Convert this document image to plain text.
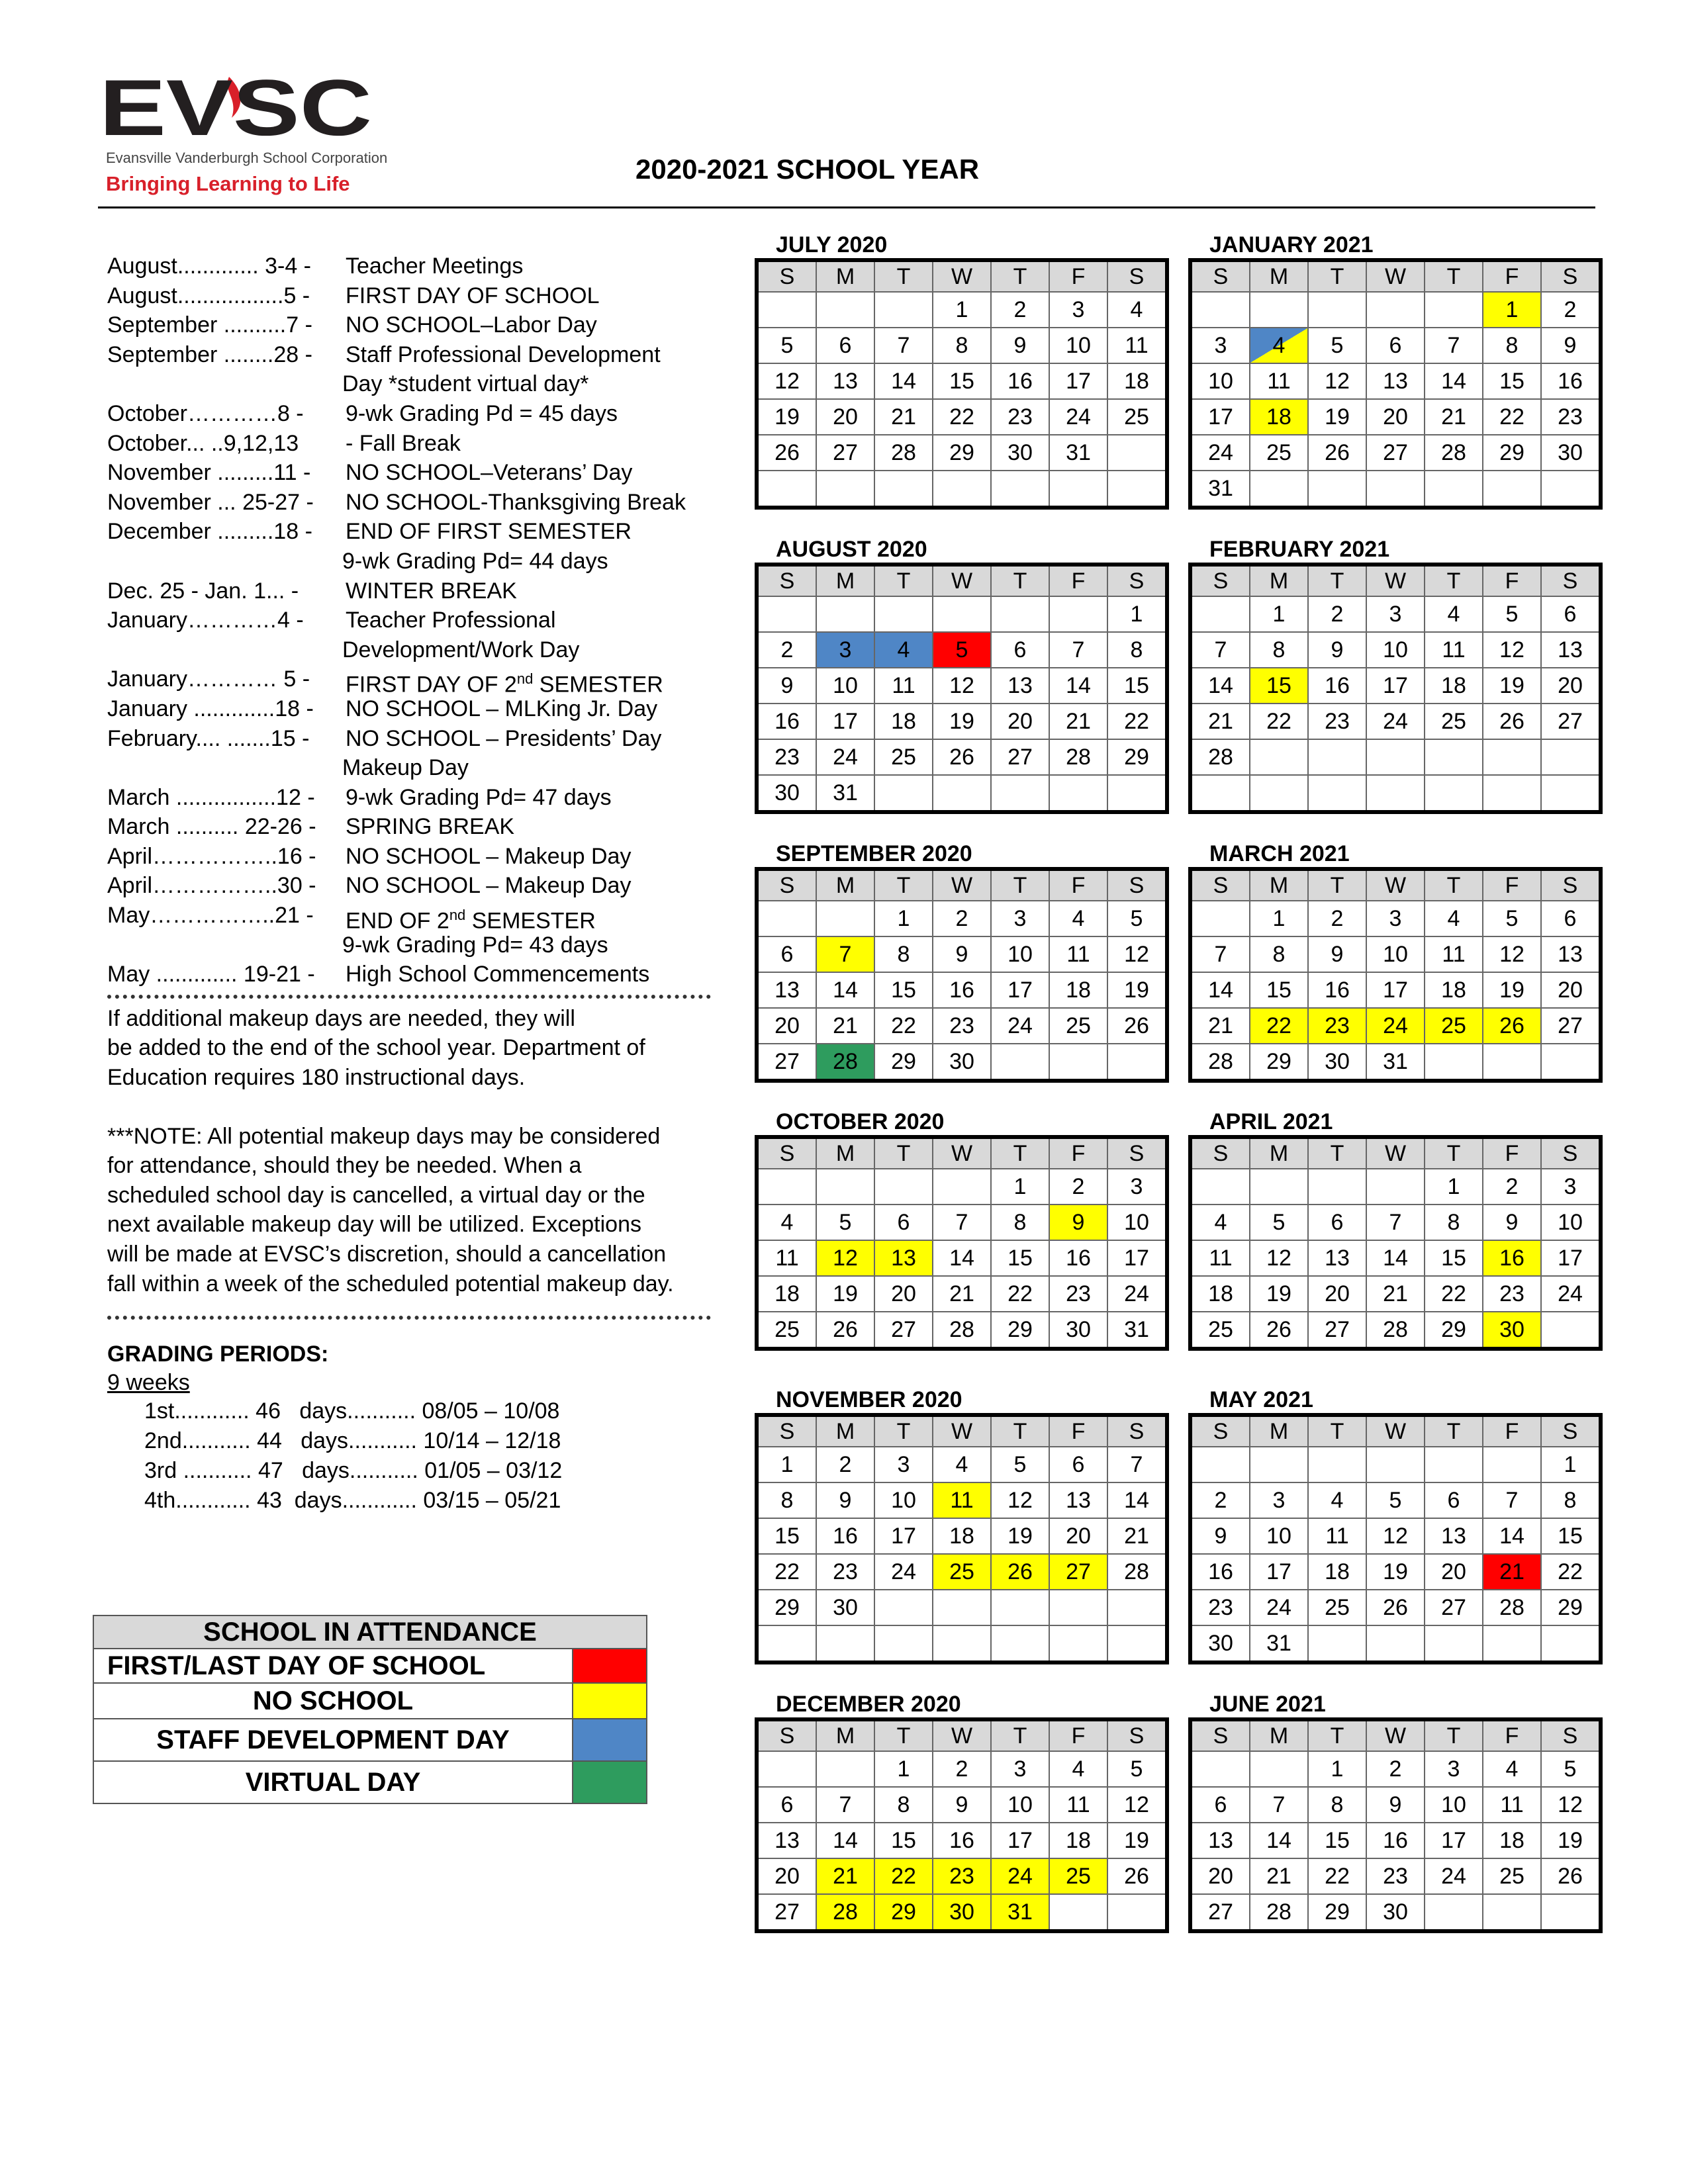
EVSC
Evansville Vanderburgh School Corporation
Bringing Learning to Life	2020-2021 SCHOOL YEAR
August............. 3-4 - Teacher Meetings
August.................5 - FIRST DAY OF SCHOOL
September ..........7 - NO SCHOOL–Labor Day
September ........28 - Staff Professional Development
Day *student virtual day*
October…………8 - 9-wk Grading Pd = 45 days
October... ..9,12,13 - Fall Break
November .........11 - NO SCHOOL–Veterans’ Day
November ... 25-27 - NO SCHOOL-Thanksgiving Break
December .........18 - END OF FIRST SEMESTER
9-wk Grading Pd= 44 days
Dec. 25 - Jan. 1... - WINTER BREAK
January…………4 - Teacher Professional
Development/Work Day
January………… 5 - FIRST DAY OF 2nd SEMESTER
January .............18 - NO SCHOOL – MLKing Jr. Day
February.... .......15 - NO SCHOOL – Presidents’ Day
Makeup Day
March ................12 - 9-wk Grading Pd= 47 days
March .......... 22-26 - SPRING BREAK
April……………..16 - NO SCHOOL – Makeup Day
April……………..30 - NO SCHOOL – Makeup Day
May……………..21 - END OF 2nd SEMESTER
9-wk Grading Pd= 43 days
May ............. 19-21 - High School Commencements
If additional makeup days are needed, they will
be added to the end of the school year. Department of
Education requires 180 instructional days.
***NOTE: All potential makeup days may be considered
for attendance, should they be needed. When a
scheduled school day is cancelled, a virtual day or the
next available makeup day will be utilized. Exceptions
will be made at EVSC’s discretion, should a cancellation
fall within a week of the scheduled potential makeup day.
GRADING PERIODS:
9 weeks
1st............ 46   days........... 08/05 – 10/08
2nd........... 44   days........... 10/14 – 12/18
3rd ........... 47   days........... 01/05 – 03/12
4th............ 43  days............ 03/15 – 05/21
SCHOOL IN ATTENDANCE	
FIRST/LAST DAY OF SCHOOL	
NO SCHOOL	
STAFF DEVELOPMENT DAY	
VIRTUAL DAY	
JULY 2020
S	M	T	W	T	F	S
			1	2	3	4
5	6	7	8	9	10	11
12	13	14	15	16	17	18
19	20	21	22	23	24	25
26	27	28	29	30	31	

AUGUST 2020
S	M	T	W	T	F	S
						1
2	3	4	5	6	7	8
9	10	11	12	13	14	15
16	17	18	19	20	21	22
23	24	25	26	27	28	29
30	31					
SEPTEMBER 2020
S	M	T	W	T	F	S
		1	2	3	4	5
6	7	8	9	10	11	12
13	14	15	16	17	18	19
20	21	22	23	24	25	26
27	28	29	30			
OCTOBER 2020
S	M	T	W	T	F	S
				1	2	3
4	5	6	7	8	9	10
11	12	13	14	15	16	17
18	19	20	21	22	23	24
25	26	27	28	29	30	31
NOVEMBER 2020
S	M	T	W	T	F	S
1	2	3	4	5	6	7
8	9	10	11	12	13	14
15	16	17	18	19	20	21
22	23	24	25	26	27	28
29	30					

DECEMBER 2020
S	M	T	W	T	F	S
		1	2	3	4	5
6	7	8	9	10	11	12
13	14	15	16	17	18	19
20	21	22	23	24	25	26
27	28	29	30	31		
JANUARY 2021
S	M	T	W	T	F	S
					1	2
3	4	5	6	7	8	9
10	11	12	13	14	15	16
17	18	19	20	21	22	23
24	25	26	27	28	29	30
31						
FEBRUARY 2021
S	M	T	W	T	F	S
	1	2	3	4	5	6
7	8	9	10	11	12	13
14	15	16	17	18	19	20
21	22	23	24	25	26	27
28						

MARCH 2021
S	M	T	W	T	F	S
	1	2	3	4	5	6
7	8	9	10	11	12	13
14	15	16	17	18	19	20
21	22	23	24	25	26	27
28	29	30	31			
APRIL 2021
S	M	T	W	T	F	S
				1	2	3
4	5	6	7	8	9	10
11	12	13	14	15	16	17
18	19	20	21	22	23	24
25	26	27	28	29	30	
MAY 2021
S	M	T	W	T	F	S
						1
2	3	4	5	6	7	8
9	10	11	12	13	14	15
16	17	18	19	20	21	22
23	24	25	26	27	28	29
30	31					
JUNE 2021
S	M	T	W	T	F	S
		1	2	3	4	5
6	7	8	9	10	11	12
13	14	15	16	17	18	19
20	21	22	23	24	25	26
27	28	29	30			
